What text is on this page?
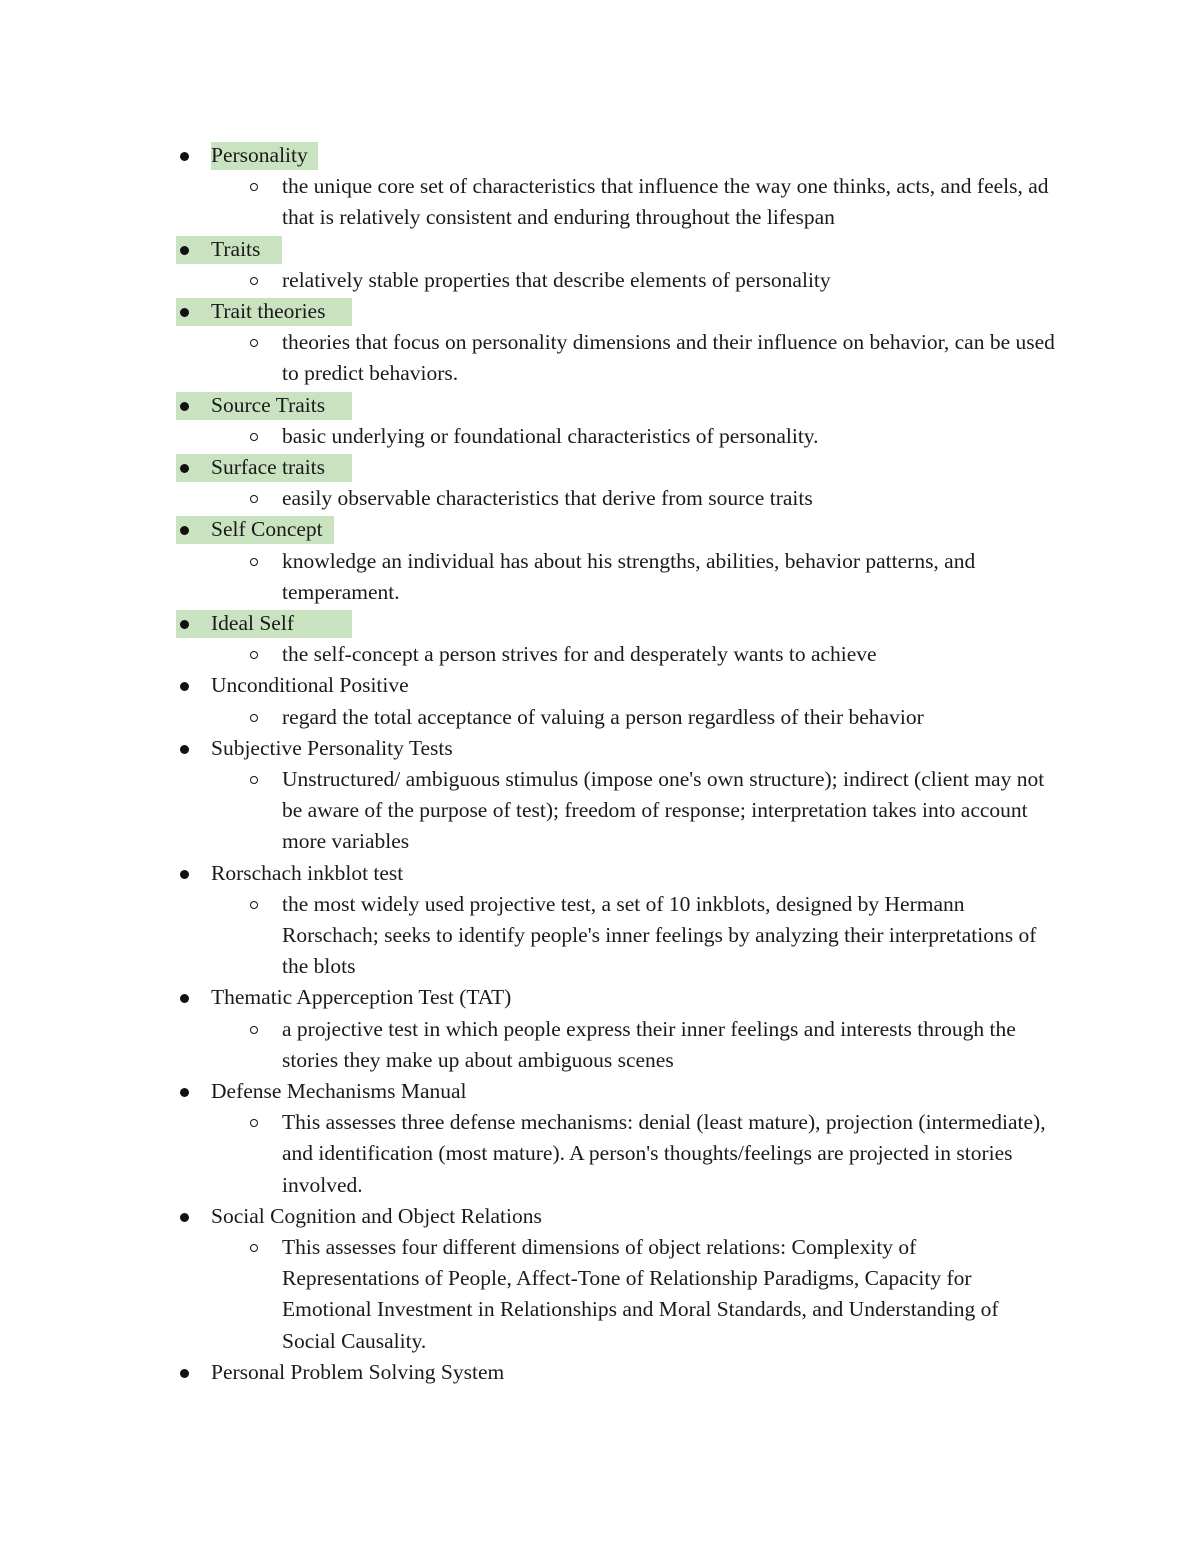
Personality
the unique core set of characteristics that influence the way one thinks, acts, and feels, ad that is relatively consistent and enduring throughout the lifespan
Traits
relatively stable properties that describe elements of personality
Trait theories
theories that focus on personality dimensions and their influence on behavior, can be used to predict behaviors.
Source Traits
basic underlying or foundational characteristics of personality.
Surface traits
easily observable characteristics that derive from source traits
Self Concept
knowledge an individual has about his strengths, abilities, behavior patterns, and temperament.
Ideal Self
the self-concept a person strives for and desperately wants to achieve
Unconditional Positive
regard the total acceptance of valuing a person regardless of their behavior
Subjective Personality Tests
Unstructured/ ambiguous stimulus (impose one's own structure); indirect (client may not be aware of the purpose of test); freedom of response; interpretation takes into account more variables
Rorschach inkblot test
the most widely used projective test, a set of 10 inkblots, designed by Hermann Rorschach; seeks to identify people's inner feelings by analyzing their interpretations of the blots
Thematic Apperception Test (TAT)
a projective test in which people express their inner feelings and interests through the stories they make up about ambiguous scenes
Defense Mechanisms Manual
This assesses three defense mechanisms: denial (least mature), projection (intermediate), and identification (most mature). A person's thoughts/feelings are projected in stories involved.
Social Cognition and Object Relations
This assesses four different dimensions of object relations: Complexity of Representations of People, Affect-Tone of Relationship Paradigms, Capacity for Emotional Investment in Relationships and Moral Standards, and Understanding of Social Causality.
Personal Problem Solving System
